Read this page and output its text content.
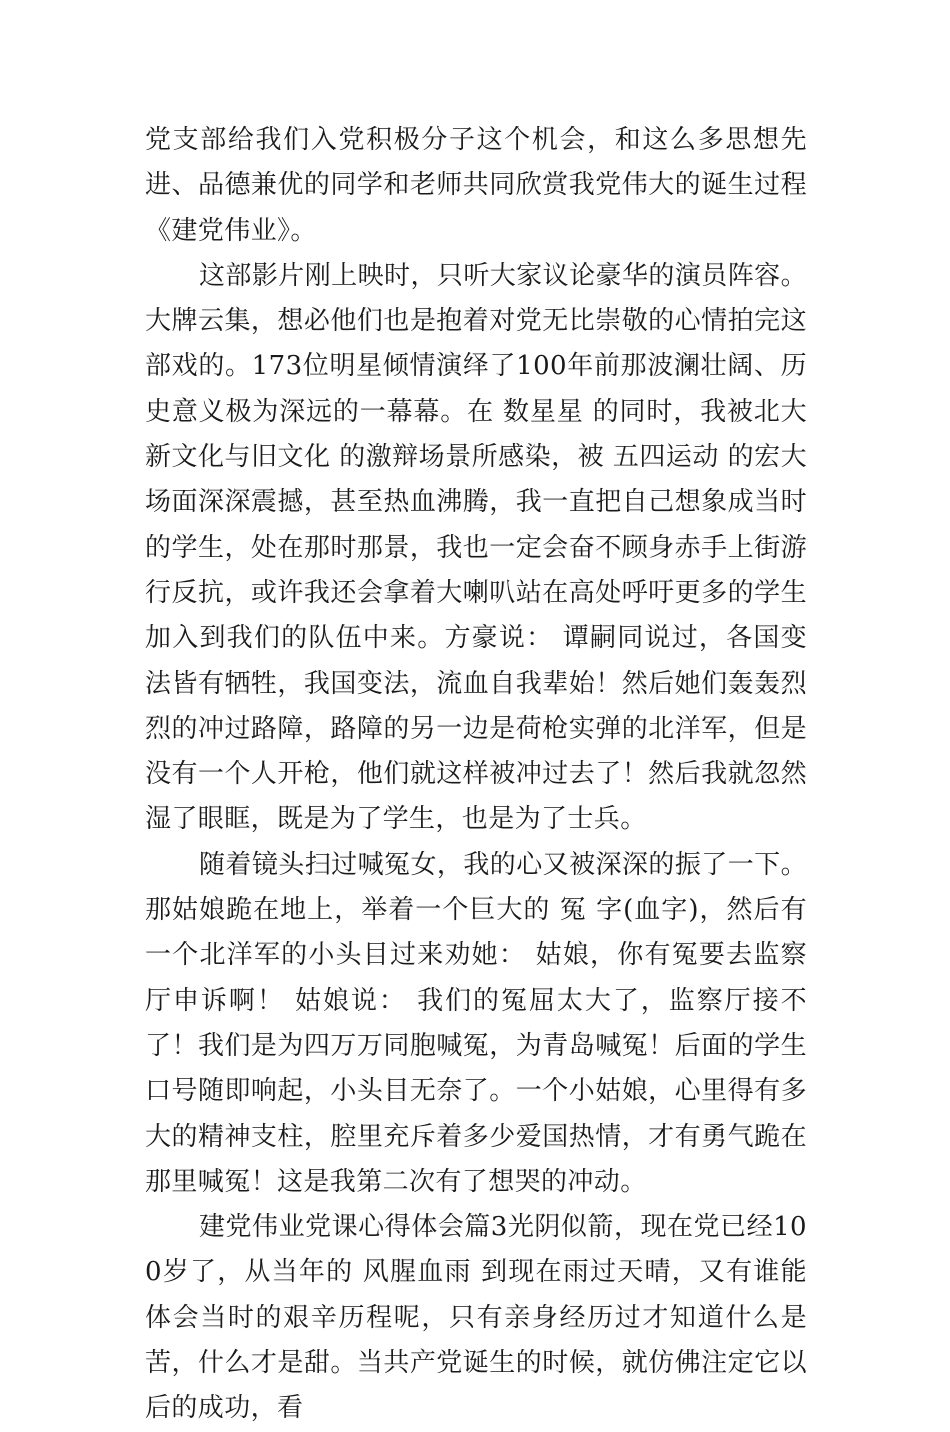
党支部给我们入党积极分子这个机会，和这么多思想先进、品德兼优的同学和老师共同欣赏我党伟大的诞生过程 《建党伟业》。

这部影片刚上映时，只听大家议论豪华的演员阵容。大牌云集，想必他们也是抱着对党无比崇敬的心情拍完这部戏的。173位明星倾情演绎了100年前那波澜壮阔、历史意义极为深远的一幕幕。在 数星星 的同时，我被北大 新文化与旧文化 的激辩场景所感染，被 五四运动 的宏大场面深深震撼，甚至热血沸腾，我一直把自己想象成当时的学生，处在那时那景，我也一定会奋不顾身赤手上街游行反抗，或许我还会拿着大喇叭站在高处呼吁更多的学生加入到我们的队伍中来。方豪说： 谭嗣同说过，各国变法皆有牺牲，我国变法，流血自我辈始！然后她们轰轰烈烈的冲过路障，路障的另一边是荷枪实弹的北洋军，但是没有一个人开枪，他们就这样被冲过去了！然后我就忽然湿了眼眶，既是为了学生，也是为了士兵。

随着镜头扫过喊冤女，我的心又被深深的振了一下。那姑娘跪在地上，举着一个巨大的 冤 字(血字)，然后有一个北洋军的小头目过来劝她： 姑娘，你有冤要去监察厅申诉啊！ 姑娘说： 我们的冤屈太大了，监察厅接不了！我们是为四万万同胞喊冤，为青岛喊冤！后面的学生口号随即响起，小头目无奈了。一个小姑娘，心里得有多大的精神支柱，腔里充斥着多少爱国热情，才有勇气跪在那里喊冤！这是我第二次有了想哭的冲动。

建党伟业党课心得体会篇3光阴似箭，现在党已经100岁了，从当年的 风腥血雨 到现在雨过天晴，又有谁能体会当时的艰辛历程呢，只有亲身经历过才知道什么是苦，什么才是甜。当共产党诞生的时候，就仿佛注定它以后的成功，看
